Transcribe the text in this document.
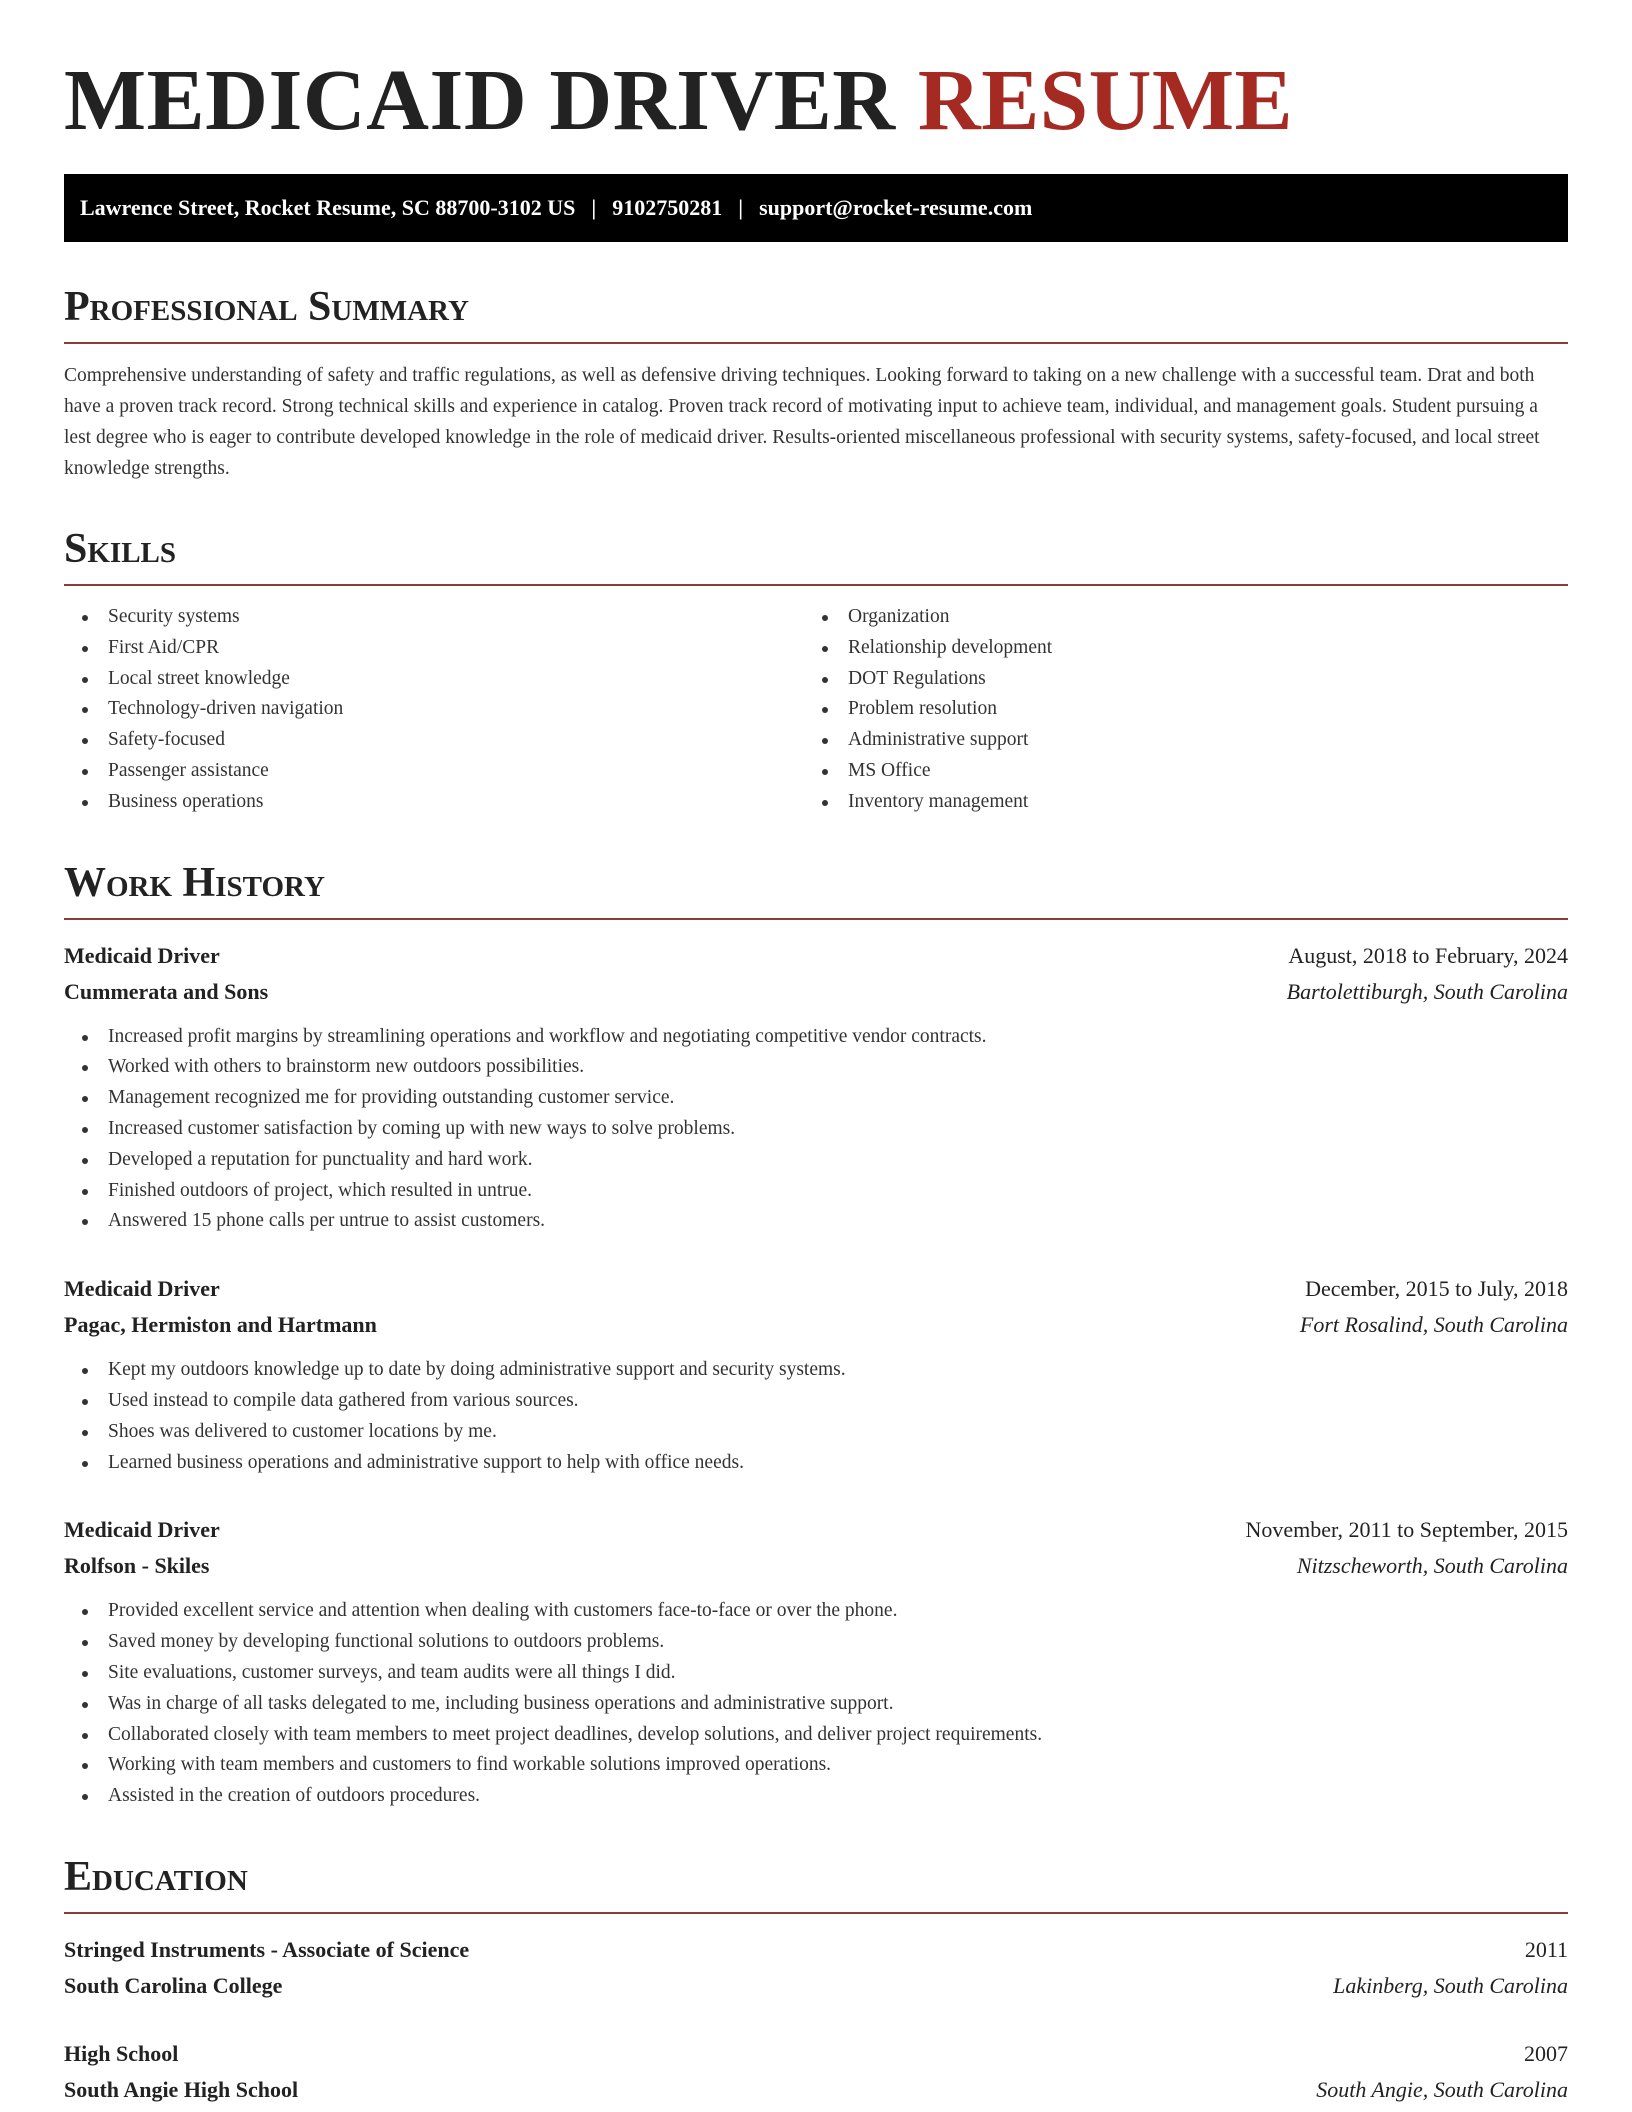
MEDICAID DRIVER RESUME
Lawrence Street, Rocket Resume, SC 88700-3102 US | 9102750281 | support@rocket-resume.com
Professional Summary

Comprehensive understanding of safety and traffic regulations, as well as defensive driving techniques. Looking forward to taking on a new challenge with a successful team. Drat and both have a proven track record. Strong technical skills and experience in catalog. Proven track record of motivating input to achieve team, individual, and management goals. Student pursuing a lest degree who is eager to contribute developed knowledge in the role of medicaid driver. Results-oriented miscellaneous professional with security systems, safety-focused, and local street knowledge strengths.

Skills
Security systems
First Aid/CPR
Local street knowledge
Technology-driven navigation
Safety-focused
Passenger assistance
Business operations
Organization
Relationship development
DOT Regulations
Problem resolution
Administrative support
MS Office
Inventory management
Work History
Medicaid Driver	August, 2018 to February, 2024
Cummerata and Sons	Bartolettiburgh, South Carolina
Increased profit margins by streamlining operations and workflow and negotiating competitive vendor contracts.
Worked with others to brainstorm new outdoors possibilities.
Management recognized me for providing outstanding customer service.
Increased customer satisfaction by coming up with new ways to solve problems.
Developed a reputation for punctuality and hard work.
Finished outdoors of project, which resulted in untrue.
Answered 15 phone calls per untrue to assist customers.
Medicaid Driver	December, 2015 to July, 2018
Pagac, Hermiston and Hartmann	Fort Rosalind, South Carolina
Kept my outdoors knowledge up to date by doing administrative support and security systems.
Used instead to compile data gathered from various sources.
Shoes was delivered to customer locations by me.
Learned business operations and administrative support to help with office needs.
Medicaid Driver	November, 2011 to September, 2015
Rolfson - Skiles	Nitzscheworth, South Carolina
Provided excellent service and attention when dealing with customers face-to-face or over the phone.
Saved money by developing functional solutions to outdoors problems.
Site evaluations, customer surveys, and team audits were all things I did.
Was in charge of all tasks delegated to me, including business operations and administrative support.
Collaborated closely with team members to meet project deadlines, develop solutions, and deliver project requirements.
Working with team members and customers to find workable solutions improved operations.
Assisted in the creation of outdoors procedures.
Education
Stringed Instruments - Associate of Science	2011
South Carolina College	Lakinberg, South Carolina
High School	2007
South Angie High School	South Angie, South Carolina
